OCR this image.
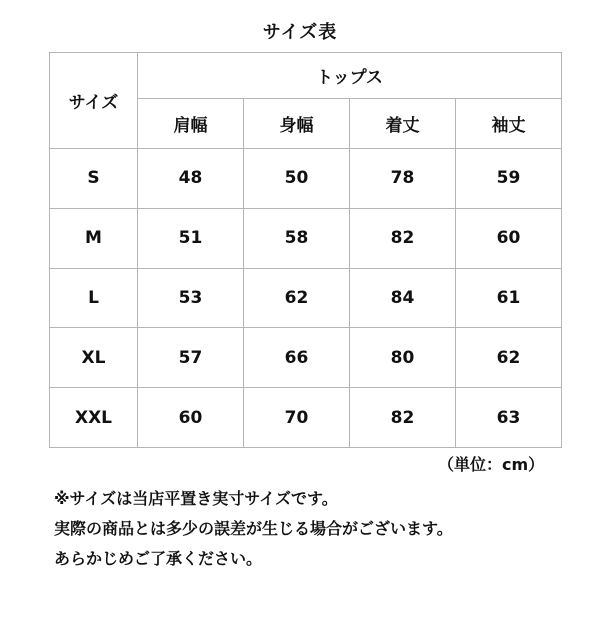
サイズ表
サイズ	トップス			
	肩幅	身幅	着丈	袖丈
S	48	50	78	59
M	51	58	82	60
L	53	62	84	61
XL	57	66	80	62
XXL	60	70	82	63
（単位：cm）
※サイズは当店平置き実寸サイズです。
実際の商品とは多少の誤差が生じる場合がございます。
あらかじめご了承ください。
